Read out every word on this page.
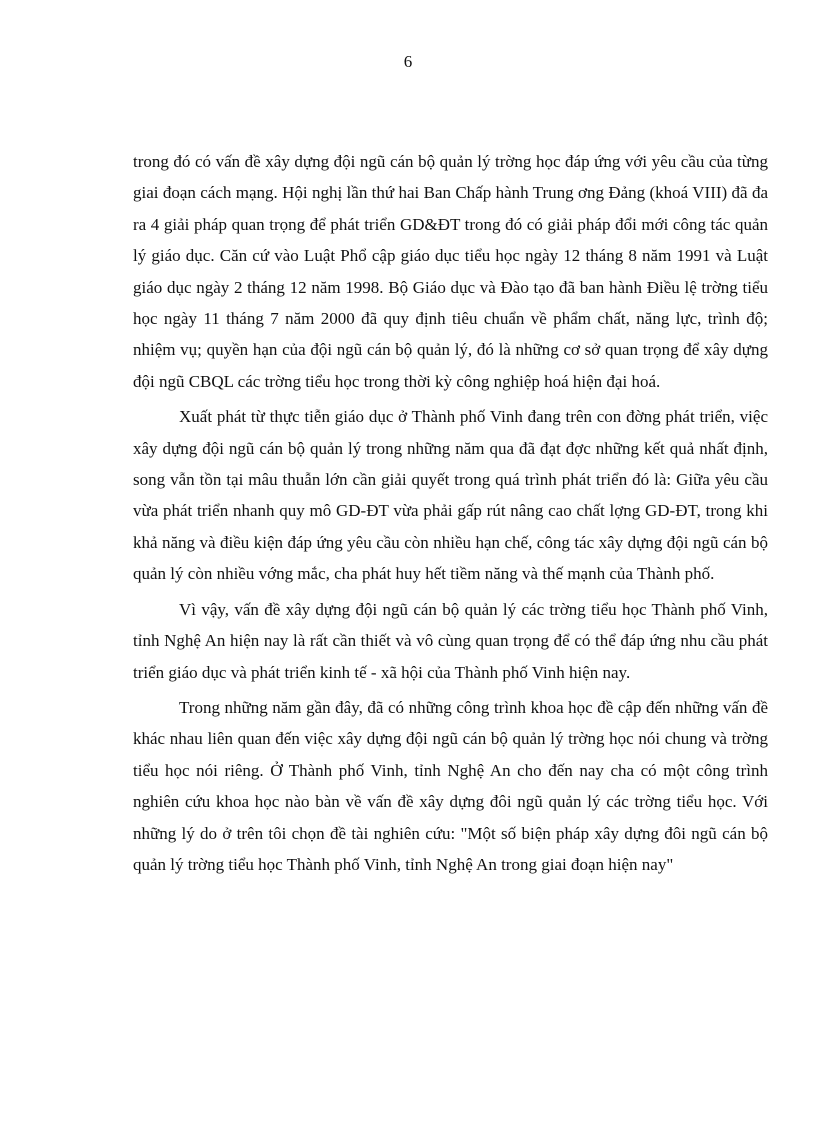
6

trong đó có vấn đề xây dựng đội ngũ cán bộ quản lý trờng học đáp ứng với yêu cầu của từng giai đoạn cách mạng. Hội nghị lần thứ hai Ban Chấp hành Trung ơng Đảng (khoá VIII) đã đa ra 4 giải pháp quan trọng để phát triển GD&ĐT trong đó có giải pháp đổi mới công tác quản lý giáo dục. Căn cứ vào Luật Phổ cập giáo dục tiểu học ngày 12 tháng 8 năm 1991 và Luật giáo dục ngày 2 tháng 12 năm 1998. Bộ Giáo dục và Đào tạo đã ban hành Điều lệ trờng tiểu học ngày 11 tháng 7 năm 2000 đã quy định tiêu chuẩn về phẩm chất, năng lực, trình độ; nhiệm vụ; quyền hạn của đội ngũ cán bộ quản lý, đó là những cơ sở quan trọng để xây dựng đội ngũ CBQL các trờng tiểu học trong thời kỳ công nghiệp hoá hiện đại hoá.

Xuất phát từ thực tiễn giáo dục ở Thành phố Vinh đang trên con đờng phát triển, việc xây dựng đội ngũ cán bộ quản lý trong những năm qua đã đạt đợc những kết quả nhất định, song vẫn tồn tại mâu thuẫn lớn cần giải quyết trong quá trình phát triển đó là: Giữa yêu cầu vừa phát triển nhanh quy mô GD-ĐT vừa phải gấp rút nâng cao chất lợng GD-ĐT, trong khi khả năng và điều kiện đáp ứng yêu cầu còn nhiều hạn chế, công tác xây dựng đội ngũ cán bộ quản lý còn nhiều vớng mắc, cha phát huy hết tiềm năng và thế mạnh của Thành phố.

Vì vậy, vấn đề xây dựng đội ngũ cán bộ quản lý các trờng tiểu học Thành phố Vinh, tỉnh Nghệ An hiện nay là rất cần thiết và vô cùng quan trọng để có thể đáp ứng nhu cầu phát triển giáo dục và phát triển kinh tế - xã hội của Thành phố Vinh hiện nay.

Trong những năm gần đây, đã có những công trình khoa học đề cập đến những vấn đề khác nhau liên quan đến việc xây dựng đội ngũ cán bộ quản lý trờng học nói chung và trờng tiểu học nói riêng. Ở Thành phố Vinh, tỉnh Nghệ An cho đến nay cha có một công trình nghiên cứu khoa học nào bàn về vấn đề xây dựng đôi ngũ quản lý các trờng tiểu học. Với những lý do ở trên tôi chọn đề tài nghiên cứu: "Một số biện pháp xây dựng đôi ngũ cán bộ quản lý trờng tiểu học Thành phố Vinh, tỉnh Nghệ An trong giai đoạn hiện nay"
